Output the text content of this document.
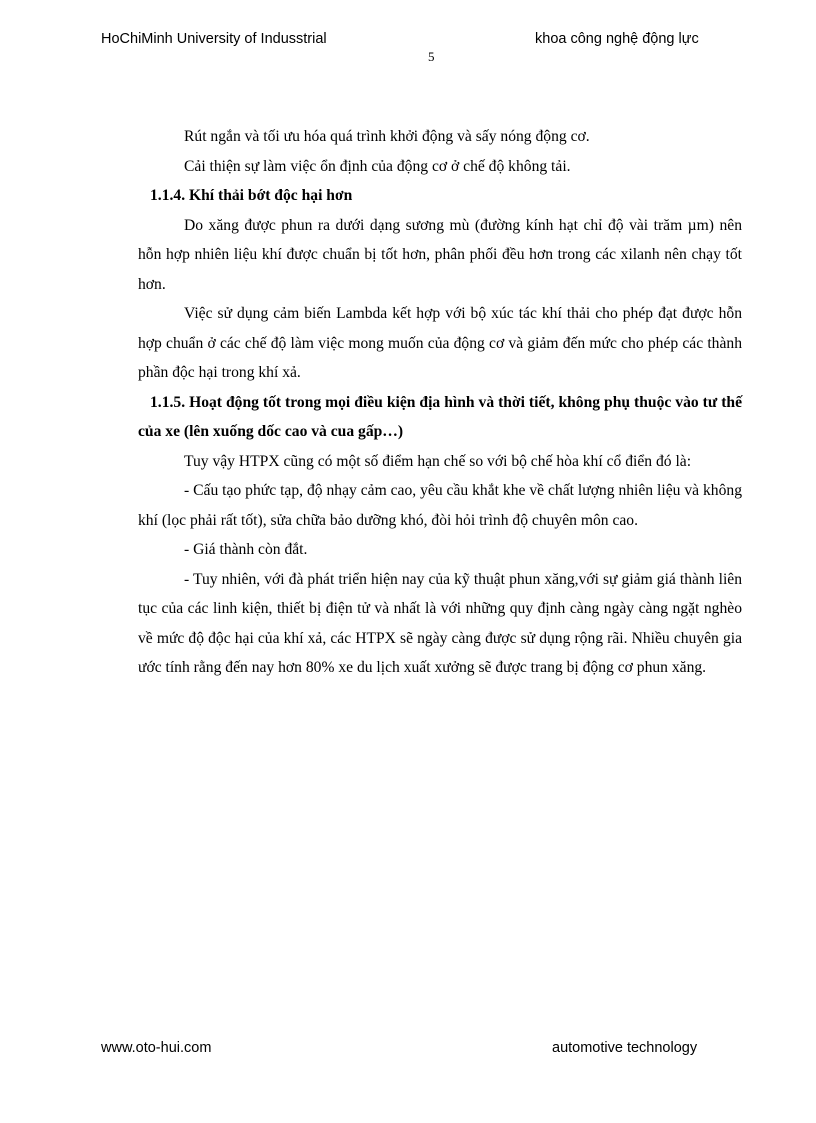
HoChiMinh University of Indusstrial	khoa công nghệ động lực
5

Rút ngắn và tối ưu hóa quá trình khởi động và sấy nóng động cơ.

Cải thiện sự làm việc ổn định của động cơ ở chế độ không tải.

1.1.4. Khí thải bớt độc hại hơn

Do xăng được phun ra dưới dạng sương mù (đường kính hạt chỉ độ vài trăm µm) nên hỗn hợp nhiên liệu khí được chuẩn bị tốt hơn, phân phối đều hơn trong các xilanh nên chạy tốt hơn.

Việc sử dụng cảm biến Lambda kết hợp với bộ xúc tác khí thải cho phép đạt được hỗn hợp chuẩn ở các chế độ làm việc mong muốn của động cơ và giảm đến mức cho phép các thành phần độc hại trong khí xả.

1.1.5. Hoạt động tốt trong mọi điều kiện địa hình và thời tiết, không phụ thuộc vào tư thế của xe (lên xuống dốc cao và cua gấp…)

Tuy vậy HTPX cũng có một số điểm hạn chế so với bộ chế hòa khí cổ điển đó là:

- Cấu tạo phức tạp, độ nhạy cảm cao, yêu cầu khắt khe về chất lượng nhiên liệu và không khí (lọc phải rất tốt), sửa chữa bảo dưỡng khó, đòi hỏi trình độ chuyên môn cao.

- Giá thành còn đắt.

- Tuy nhiên, với đà phát triển hiện nay của kỹ thuật phun xăng,với sự giảm giá thành liên tục của các linh kiện, thiết bị điện tử và nhất là với những quy định càng ngày càng ngặt nghèo về mức độ độc hại của khí xả, các HTPX sẽ ngày càng được sử dụng rộng rãi. Nhiều chuyên gia ước tính rằng đến nay hơn 80% xe du lịch xuất xưởng sẽ được trang bị động cơ phun xăng.

www.oto-hui.com	automotive technology
